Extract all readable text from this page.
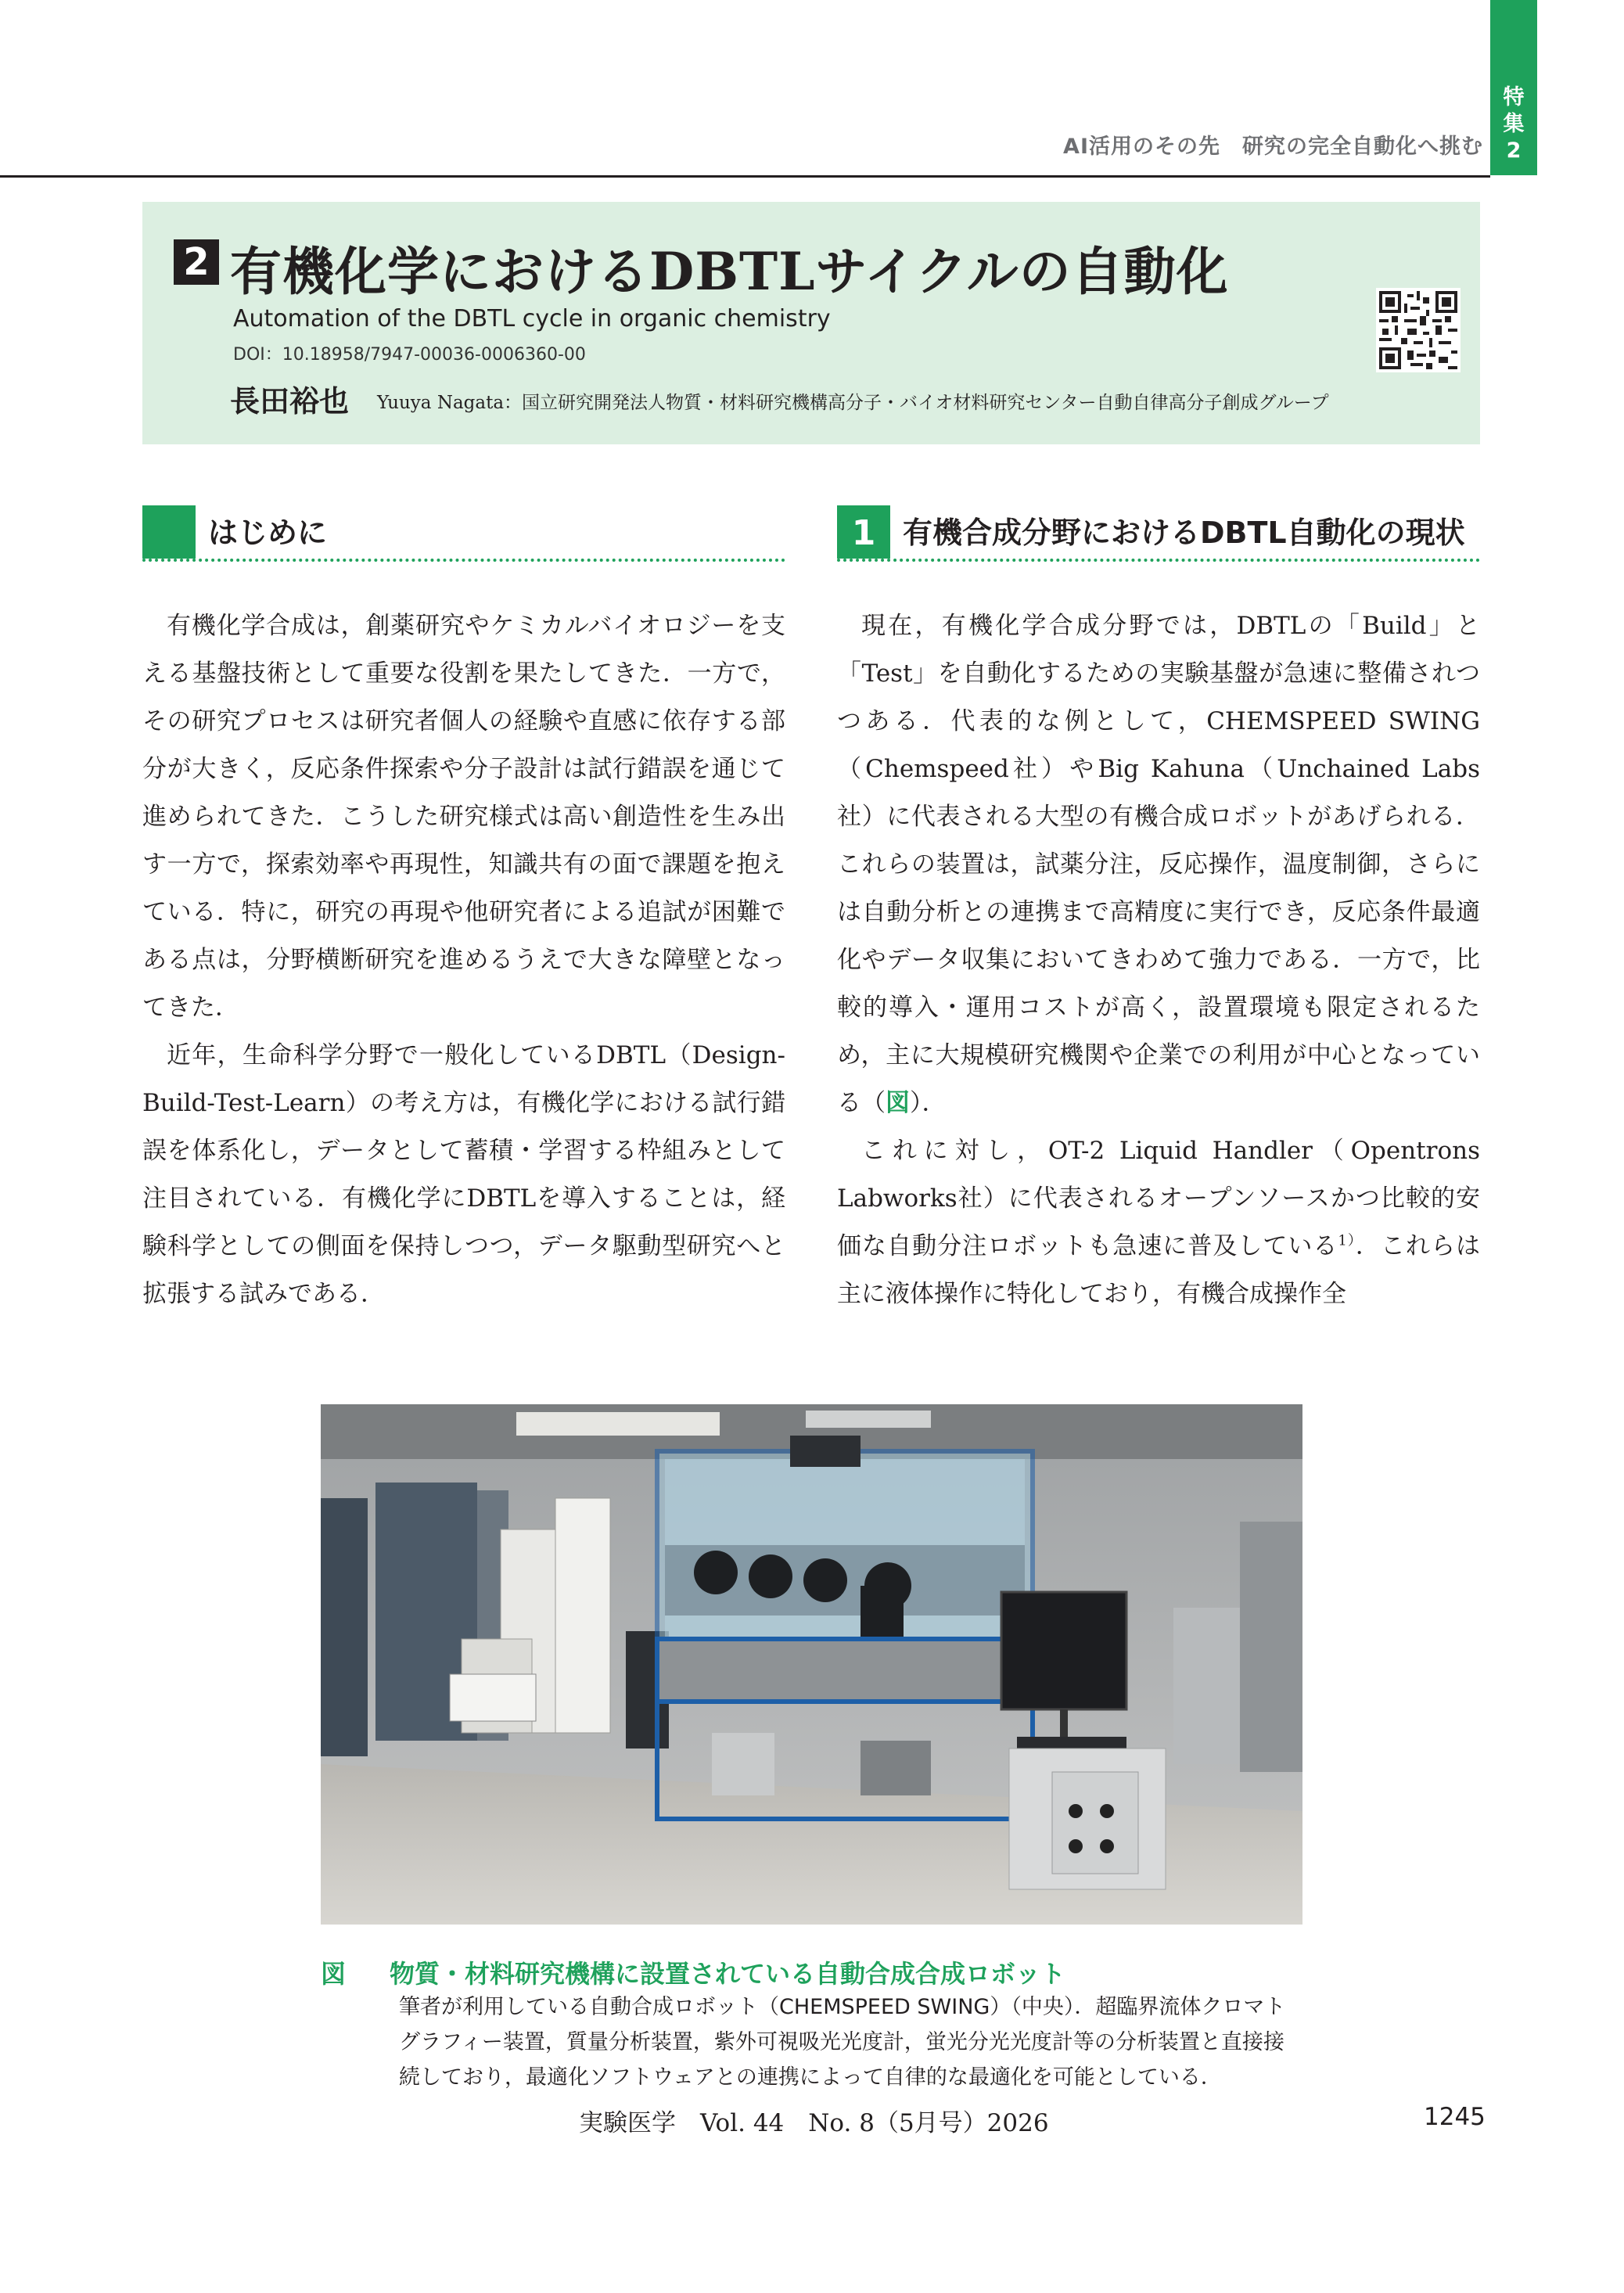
特
集
2
AI活用のその先　研究の完全自動化へ挑む
2 有機化学におけるDBTLサイクルの自動化
Automation of the DBTL cycle in organic chemistry
DOI：10.18958/7947-00036-0006360-00
長田裕也 Yuuya Nagata：国立研究開発法人物質・材料研究機構高分子・バイオ材料研究センター自動自律高分子創成グループ
はじめに	1 有機合成分野におけるDBTL自動化の現状

有機化学合成は，創薬研究やケミカルバイオロジーを支える基盤技術として重要な役割を果たしてきた．一方で，その研究プロセスは研究者個人の経験や直感に依存する部分が大きく，反応条件探索や分子設計は試行錯誤を通じて進められてきた．こうした研究様式は高い創造性を生み出す一方で，探索効率や再現性，知識共有の面で課題を抱えている．特に，研究の再現や他研究者による追試が困難である点は，分野横断研究を進めるうえで大きな障壁となってきた．

近年，生命科学分野で一般化しているDBTL（Design-Build-Test-Learn）の考え方は，有機化学における試行錯誤を体系化し，データとして蓄積・学習する枠組みとして注目されている．有機化学にDBTLを導入することは，経験科学としての側面を保持しつつ，データ駆動型研究へと拡張する試みである．

現在，有機化学合成分野では，DBTLの「Build」と「Test」を自動化するための実験基盤が急速に整備されつつある．代表的な例として，CHEMSPEED SWING（Chemspeed社）やBig Kahuna（Unchained Labs社）に代表される大型の有機合成ロボットがあげられる．これらの装置は，試薬分注，反応操作，温度制御，さらには自動分析との連携まで高精度に実行でき，反応条件最適化やデータ収集においてきわめて強力である．一方で，比較的導入・運用コストが高く，設置環境も限定されるため，主に大規模研究機関や企業での利用が中心となっている（図）．

これに対し，OT-2 Liquid Handler（Opentrons Labworks社）に代表されるオープンソースかつ比較的安価な自動分注ロボットも急速に普及している$^{1)}$．これらは主に液体操作に特化しており，有機合成操作全

図 物質・材料研究機構に設置されている自動合成合成ロボット
筆者が利用している自動合成ロボット（CHEMSPEED SWING）（中央）．超臨界流体クロマトグラフィー装置，質量分析装置，紫外可視吸光光度計，蛍光分光光度計等の分析装置と直接接続しており，最適化ソフトウェアとの連携によって自律的な最適化を可能としている．
実験医学　Vol. 44　No. 8（5月号）2026	1245
